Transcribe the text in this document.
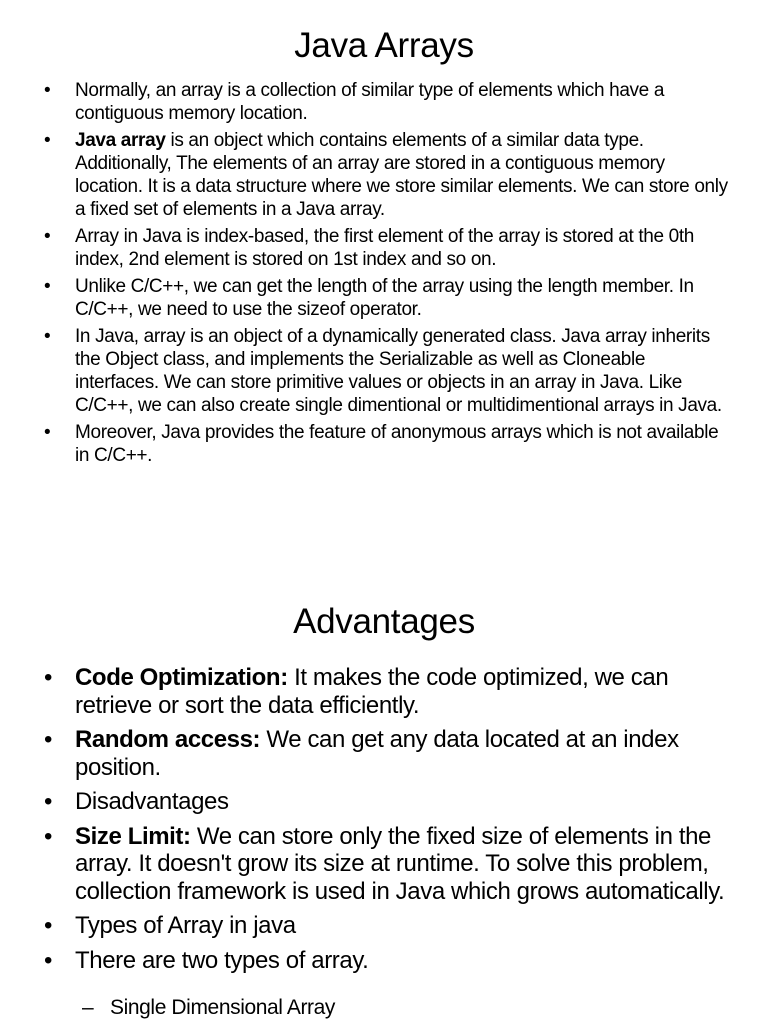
Java Arrays
• Normally, an array is a collection of similar type of elements which have a contiguous memory location.
• Java array is an object which contains elements of a similar data type. Additionally, The elements of an array are stored in a contiguous memory location. It is a data structure where we store similar elements. We can store only a fixed set of elements in a Java array.
• Array in Java is index-based, the first element of the array is stored at the 0th index, 2nd element is stored on 1st index and so on.
• Unlike C/C++, we can get the length of the array using the length member. In C/C++, we need to use the sizeof operator.
• In Java, array is an object of a dynamically generated class. Java array inherits the Object class, and implements the Serializable as well as Cloneable interfaces. We can store primitive values or objects in an array in Java. Like C/C++, we can also create single dimentional or multidimentional arrays in Java.
• Moreover, Java provides the feature of anonymous arrays which is not available in C/C++.
Advantages
• Code Optimization: It makes the code optimized, we can retrieve or sort the data efficiently.
• Random access: We can get any data located at an index position.
• Disadvantages
• Size Limit: We can store only the fixed size of elements in the array. It doesn't grow its size at runtime. To solve this problem, collection framework is used in Java which grows automatically.
• Types of Array in java
• There are two types of array.
– Single Dimensional Array
